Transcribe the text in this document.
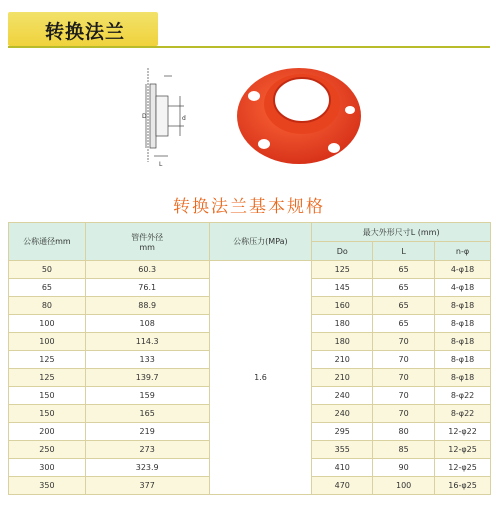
转换法兰
D	d
L
转换法兰基本规格
公称通径mm	管件外径
mm	公称压力(MPa)	最大外形尺寸L (mm)		
			Do	L	n-φ
50	60.3	1.6	125	65	4-φ18
65	76.1		145	65	4-φ18
80	88.9		160	65	8-φ18
100	108		180	65	8-φ18
100	114.3		180	70	8-φ18
125	133		210	70	8-φ18
125	139.7		210	70	8-φ18
150	159		240	70	8-φ22
150	165		240	70	8-φ22
200	219		295	80	12-φ22
250	273		355	85	12-φ25
300	323.9		410	90	12-φ25
350	377		470	100	16-φ25
